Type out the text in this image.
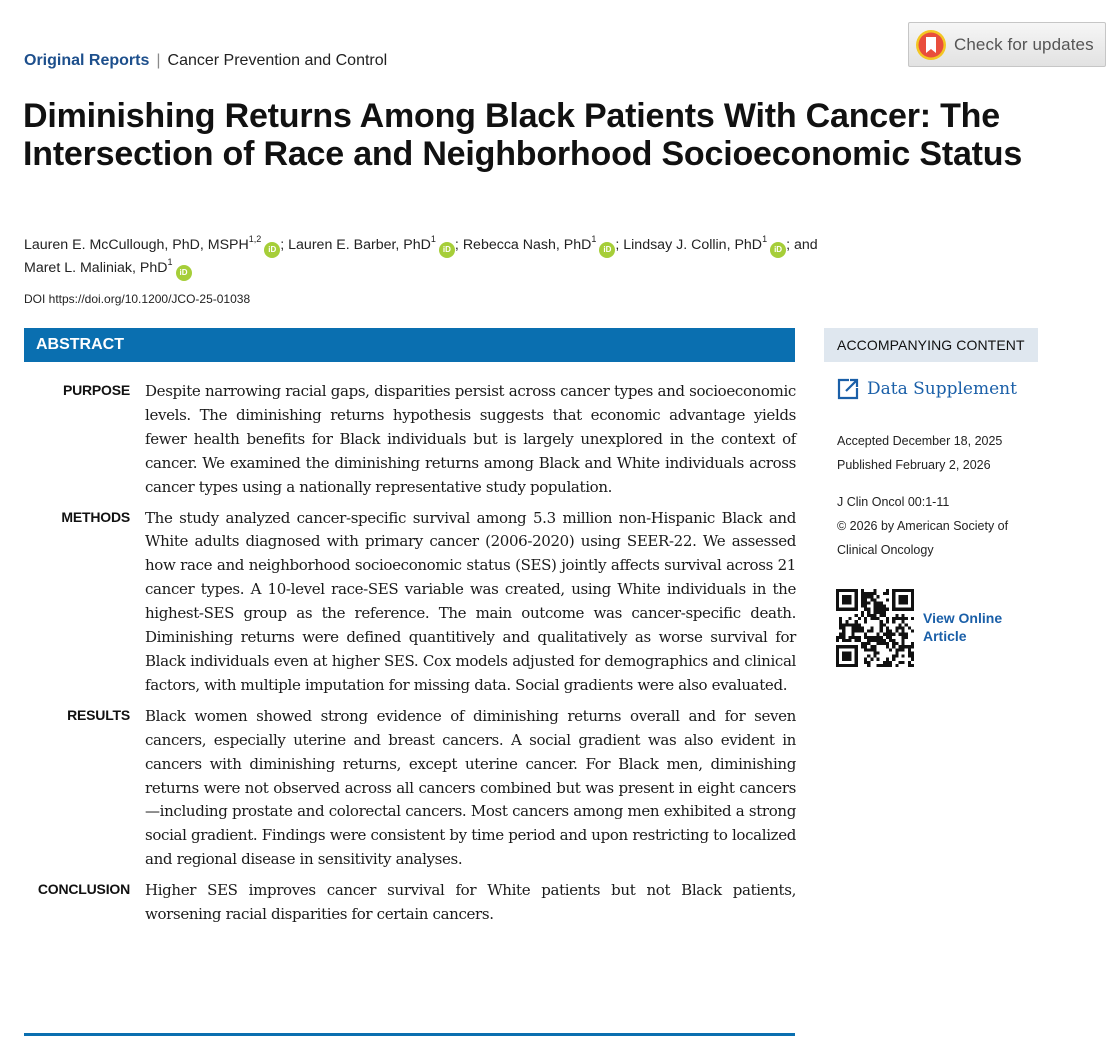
Check for updates
Original Reports | Cancer Prevention and Control
Diminishing Returns Among Black Patients With Cancer: The Intersection of Race and Neighborhood Socioeconomic Status
Lauren E. McCullough, PhD, MSPH$^{1,2}$iD ; Lauren E. Barber, PhD$^1$iD ; Rebecca Nash, PhD$^1$iD ; Lindsay J. Collin, PhD$^1$iD ; and
Maret L. Maliniak, PhD$^1$iD
DOI https://doi.org/10.1200/JCO-25-01038
ABSTRACT
PURPOSE Despite narrowing racial gaps, disparities persist across cancer types and socioeconomic levels. The diminishing returns hypothesis suggests that economic advantage yields fewer health benefits for Black individuals but is largely unexplored in the context of cancer. We examined the diminishing returns among Black and White individuals across cancer types using a nationally representative study population.
METHODS The study analyzed cancer-specific survival among 5.3 million non-Hispanic Black and White adults diagnosed with primary cancer (2006-2020) using SEER-22. We assessed how race and neighborhood socioeconomic status (SES) jointly affects survival across 21 cancer types. A 10-level race-SES variable was created, using White individuals in the highest-SES group as the reference. The main outcome was cancer-specific death. Diminishing returns were defined quantitively and qualitatively as worse survival for Black individuals even at higher SES. Cox models adjusted for demographics and clinical factors, with multiple imputation for missing data. Social gradients were also evaluated.
RESULTS Black women showed strong evidence of diminishing returns overall and for seven cancers, especially uterine and breast cancers. A social gradient was also evident in cancers with diminishing returns, except uterine cancer. For Black men, diminishing returns were not observed across all cancers combined but was present in eight cancers—including prostate and colorectal cancers. Most cancers among men exhibited a strong social gradient. Findings were consistent by time period and upon restricting to localized and regional disease in sensitivity analyses.
CONCLUSION Higher SES improves cancer survival for White patients but not Black patients, worsening racial disparities for certain cancers.
ACCOMPANYING CONTENT
Data Supplement
Accepted December 18, 2025
Published February 2, 2026
J Clin Oncol 00:1-11
© 2026 by American Society of Clinical Oncology
View Online Article
